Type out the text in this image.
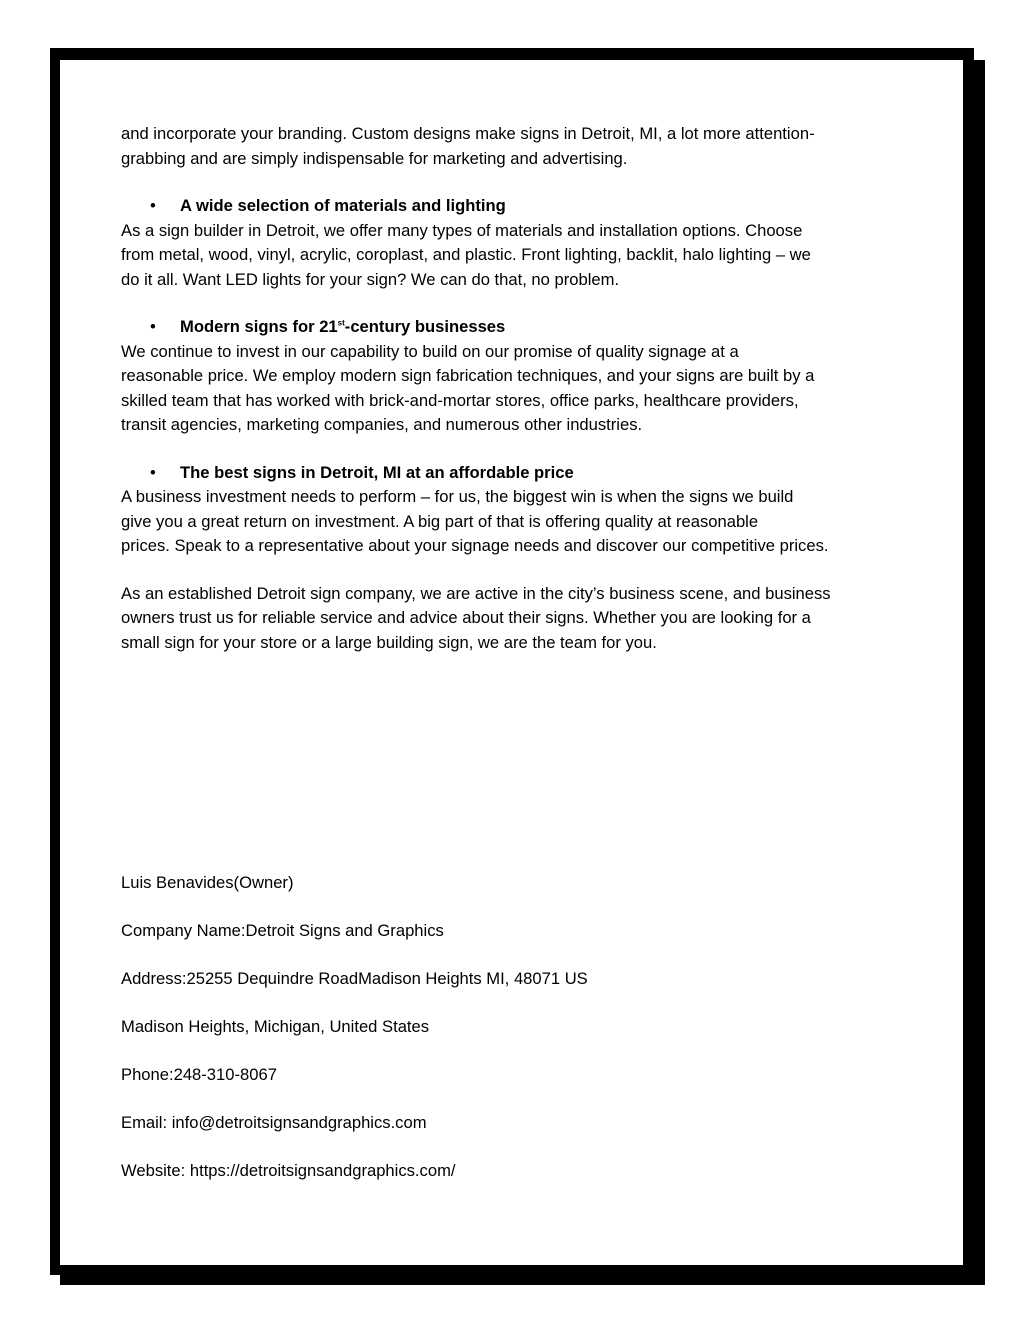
and incorporate your branding. Custom designs make signs in Detroit, MI, a lot more attention-

grabbing and are simply indispensable for marketing and advertising.

• A wide selection of materials and lighting

As a sign builder in Detroit, we offer many types of materials and installation options. Choose

from metal, wood, vinyl, acrylic, coroplast, and plastic. Front lighting, backlit, halo lighting – we

do it all. Want LED lights for your sign? We can do that, no problem.

• Modern signs for 21st-century businesses

We continue to invest in our capability to build on our promise of quality signage at a

reasonable price. We employ modern sign fabrication techniques, and your signs are built by a

skilled team that has worked with brick-and-mortar stores, office parks, healthcare providers,

transit agencies, marketing companies, and numerous other industries.

• The best signs in Detroit, MI at an affordable price

A business investment needs to perform – for us, the biggest win is when the signs we build

give you a great return on investment. A big part of that is offering quality at reasonable

prices. Speak to a representative about your signage needs and discover our competitive prices.

As an established Detroit sign company, we are active in the city’s business scene, and business

owners trust us for reliable service and advice about their signs. Whether you are looking for a

small sign for your store or a large building sign, we are the team for you.

Luis Benavides(Owner)

Company Name:Detroit Signs and Graphics

Address:25255 Dequindre RoadMadison Heights MI, 48071 US

Madison Heights, Michigan, United States

Phone:248-310-8067

Email: info@detroitsignsandgraphics.com

Website: https://detroitsignsandgraphics.com/
